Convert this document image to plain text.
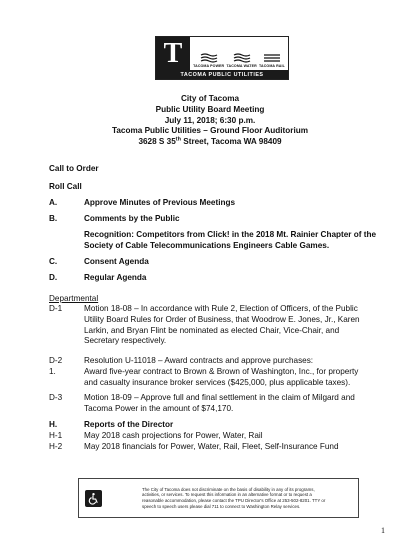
T	TACOMA POWER TACOMA WATER TACOMA RAIL
TACOMA PUBLIC UTILITIES
City of Tacoma
Public Utility Board Meeting
July 11, 2018; 6:30 p.m.
Tacoma Public Utilities – Ground Floor Auditorium
3628 S 35th Street, Tacoma WA 98409
Call to Order
Roll Call
A.	Approve Minutes of Previous Meetings
B.	Comments by the Public
Recognition: Competitors from Click! in the 2018 Mt. Rainier Chapter of the
Society of Cable Telecommunications Engineers Cable Games.
C.	Consent Agenda
D.	Regular Agenda
Departmental
D-1	Motion 18-08 – In accordance with Rule 2, Election of Officers, of the Public
Utility Board Rules for Order of Business, that Woodrow E. Jones, Jr., Karen
Larkin, and Bryan Flint be nominated as elected Chair, Vice-Chair, and
Secretary respectively.
D-2	Resolution U-11018 – Award contracts and approve purchases:
1.	Award five-year contract to Brown & Brown of Washington, Inc., for property
and casualty insurance broker services ($425,000, plus applicable taxes).
D-3	Motion 18-09 – Approve full and final settlement in the claim of Milgard and
Tacoma Power in the amount of $74,170.
H.	Reports of the Director
H-1	May 2018 cash projections for Power, Water, Rail
H-2	May 2018 financials for Power, Water, Rail, Fleet, Self-Insurance Fund
The City of Tacoma does not discriminate on the basis of disability in any of its programs,
activities, or services. To request this information in an alternative format or to request a
reasonable accommodation, please contact the TPU Director's Office at 253-502-8201. TTY or
speech to speech users please dial 711 to connect to Washington Relay services.
1
